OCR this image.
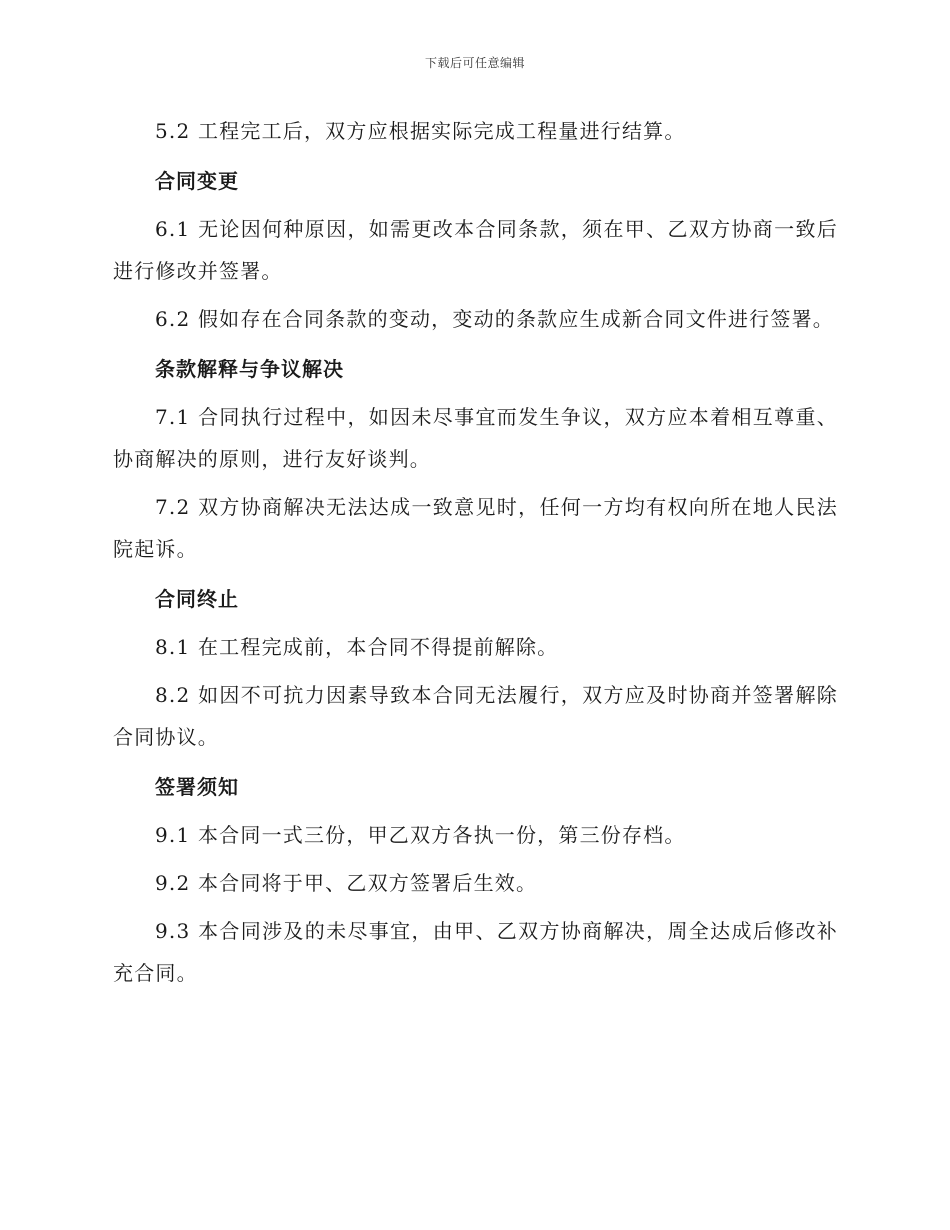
下载后可任意编辑

5.2 工程完工后，双方应根据实际完成工程量进行结算。

合同变更

6.1 无论因何种原因，如需更改本合同条款，须在甲、乙双方协商一致后进行修改并签署。

6.2 假如存在合同条款的变动，变动的条款应生成新合同文件进行签署。

条款解释与争议解决

7.1 合同执行过程中，如因未尽事宜而发生争议，双方应本着相互尊重、协商解决的原则，进行友好谈判。

7.2 双方协商解决无法达成一致意见时，任何一方均有权向所在地人民法院起诉。

合同终止

8.1 在工程完成前，本合同不得提前解除。

8.2 如因不可抗力因素导致本合同无法履行，双方应及时协商并签署解除合同协议。

签署须知

9.1 本合同一式三份，甲乙双方各执一份，第三份存档。

9.2 本合同将于甲、乙双方签署后生效。

9.3 本合同涉及的未尽事宜，由甲、乙双方协商解决，周全达成后修改补充合同。
